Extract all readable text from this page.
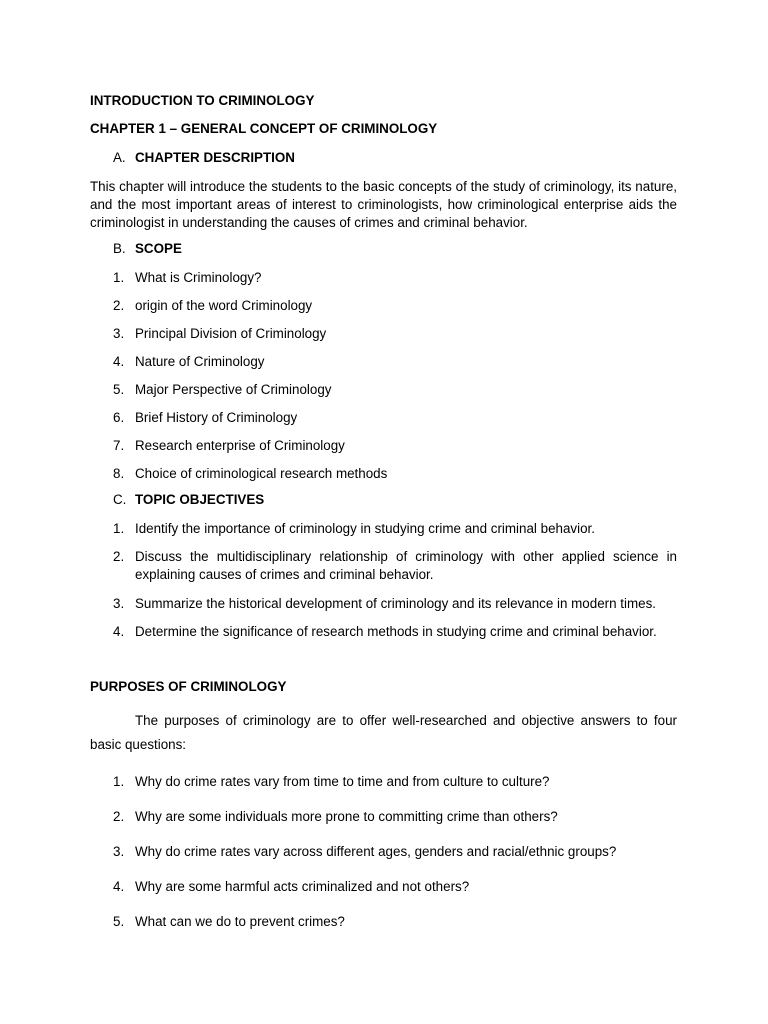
INTRODUCTION TO CRIMINOLOGY

CHAPTER 1 – GENERAL CONCEPT OF CRIMINOLOGY

A. CHAPTER DESCRIPTION

This chapter will introduce the students to the basic concepts of the study of criminology, its nature, and the most important areas of interest to criminologists, how criminological enterprise aids the criminologist in understanding the causes of crimes and criminal behavior.

B. SCOPE

1. What is Criminology?
2. origin of the word Criminology
3. Principal Division of Criminology
4. Nature of Criminology
5. Major Perspective of Criminology
6. Brief History of Criminology
7. Research enterprise of Criminology
8. Choice of criminological research methods

C. TOPIC OBJECTIVES

1. Identify the importance of criminology in studying crime and criminal behavior.
2. Discuss the multidisciplinary relationship of criminology with other applied science in explaining causes of crimes and criminal behavior.
3. Summarize the historical development of criminology and its relevance in modern times.
4. Determine the significance of research methods in studying crime and criminal behavior.

PURPOSES OF CRIMINOLOGY

The purposes of criminology are to offer well-researched and objective answers to four basic questions:

1. Why do crime rates vary from time to time and from culture to culture?
2. Why are some individuals more prone to committing crime than others?
3. Why do crime rates vary across different ages, genders and racial/ethnic groups?
4. Why are some harmful acts criminalized and not others?
5. What can we do to prevent crimes?
